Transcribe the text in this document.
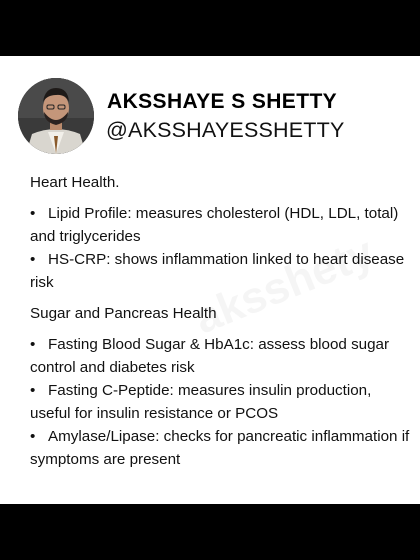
AKSSHAYE S SHETTY
@AKSSHAYESSHETTY
Heart Health.
• Lipid Profile: measures cholesterol (HDL, LDL, total) and triglycerides
• HS-CRP: shows inflammation linked to heart disease risk
Sugar and Pancreas Health
• Fasting Blood Sugar & HbA1c: assess blood sugar control and diabetes risk
• Fasting C-Peptide: measures insulin production, useful for insulin resistance or PCOS
• Amylase/Lipase: checks for pancreatic inflammation if symptoms are present
